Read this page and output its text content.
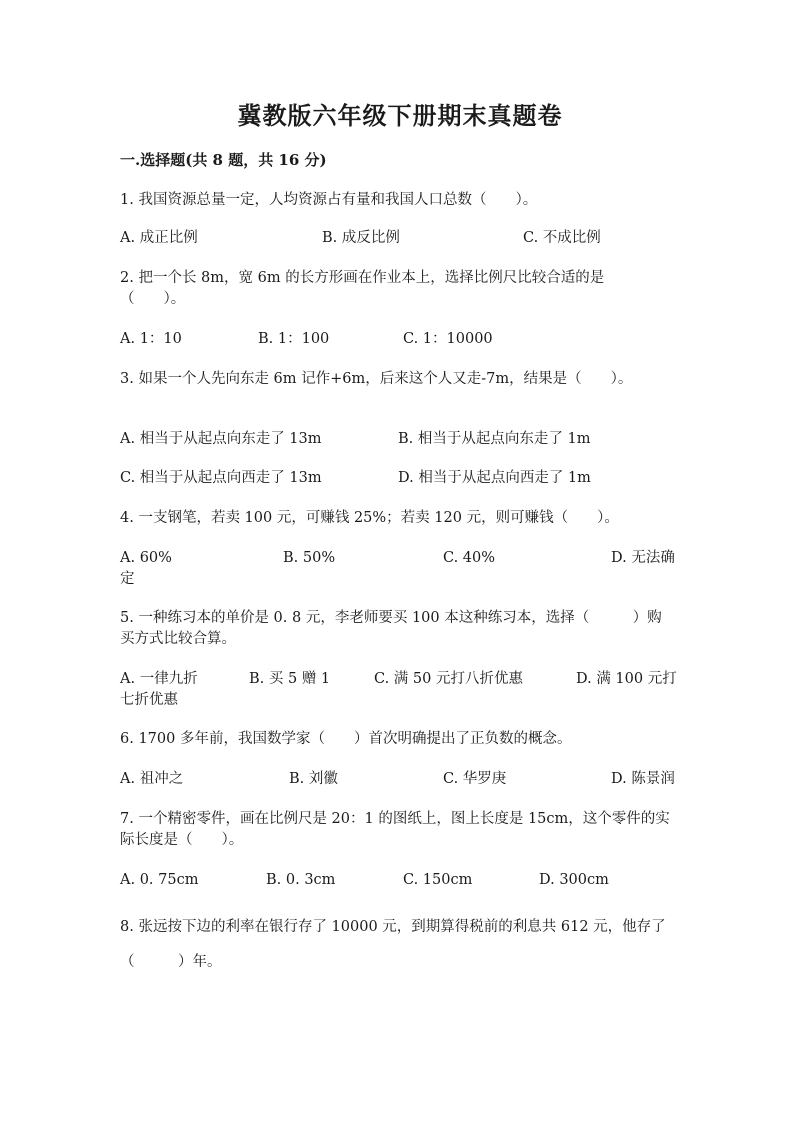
冀教版六年级下册期末真题卷
一.选择题(共 8 题，共 16 分)
1. 我国资源总量一定，人均资源占有量和我国人口总数（　　）。
A. 成正比例	B. 成反比例	C. 不成比例
2. 把一个长 8m，宽 6m 的长方形画在作业本上，选择比例尺比较合适的是（　　）。
A. 1：10	B. 1：100	C. 1：10000
3. 如果一个人先向东走 6m 记作+6m，后来这个人又走-7m，结果是（　　）。
A. 相当于从起点向东走了 13m	B. 相当于从起点向东走了 1m
C. 相当于从起点向西走了 13m	D. 相当于从起点向西走了 1m
4. 一支钢笔，若卖 100 元，可赚钱 25%；若卖 120 元，则可赚钱（　　）。
A. 60%	B. 50%	C. 40%	D. 无法确定
5. 一种练习本的单价是 0. 8 元，李老师要买 100 本这种练习本，选择（　　　）购买方式比较合算。
A. 一律九折	B. 买 5 赠 1	C. 满 50 元打八折优惠	D. 满 100 元打七折优惠
6. 1700 多年前，我国数学家（　　）首次明确提出了正负数的概念。
A. 祖冲之	B. 刘徽	C. 华罗庚	D. 陈景润
7. 一个精密零件，画在比例尺是 20：1 的图纸上，图上长度是 15cm，这个零件的实际长度是（　　）。
A. 0. 75cm	B. 0. 3cm	C. 150cm	D. 300cm
8. 张远按下边的利率在银行存了 10000 元，到期算得税前的利息共 612 元，他存了（　　　）年。
